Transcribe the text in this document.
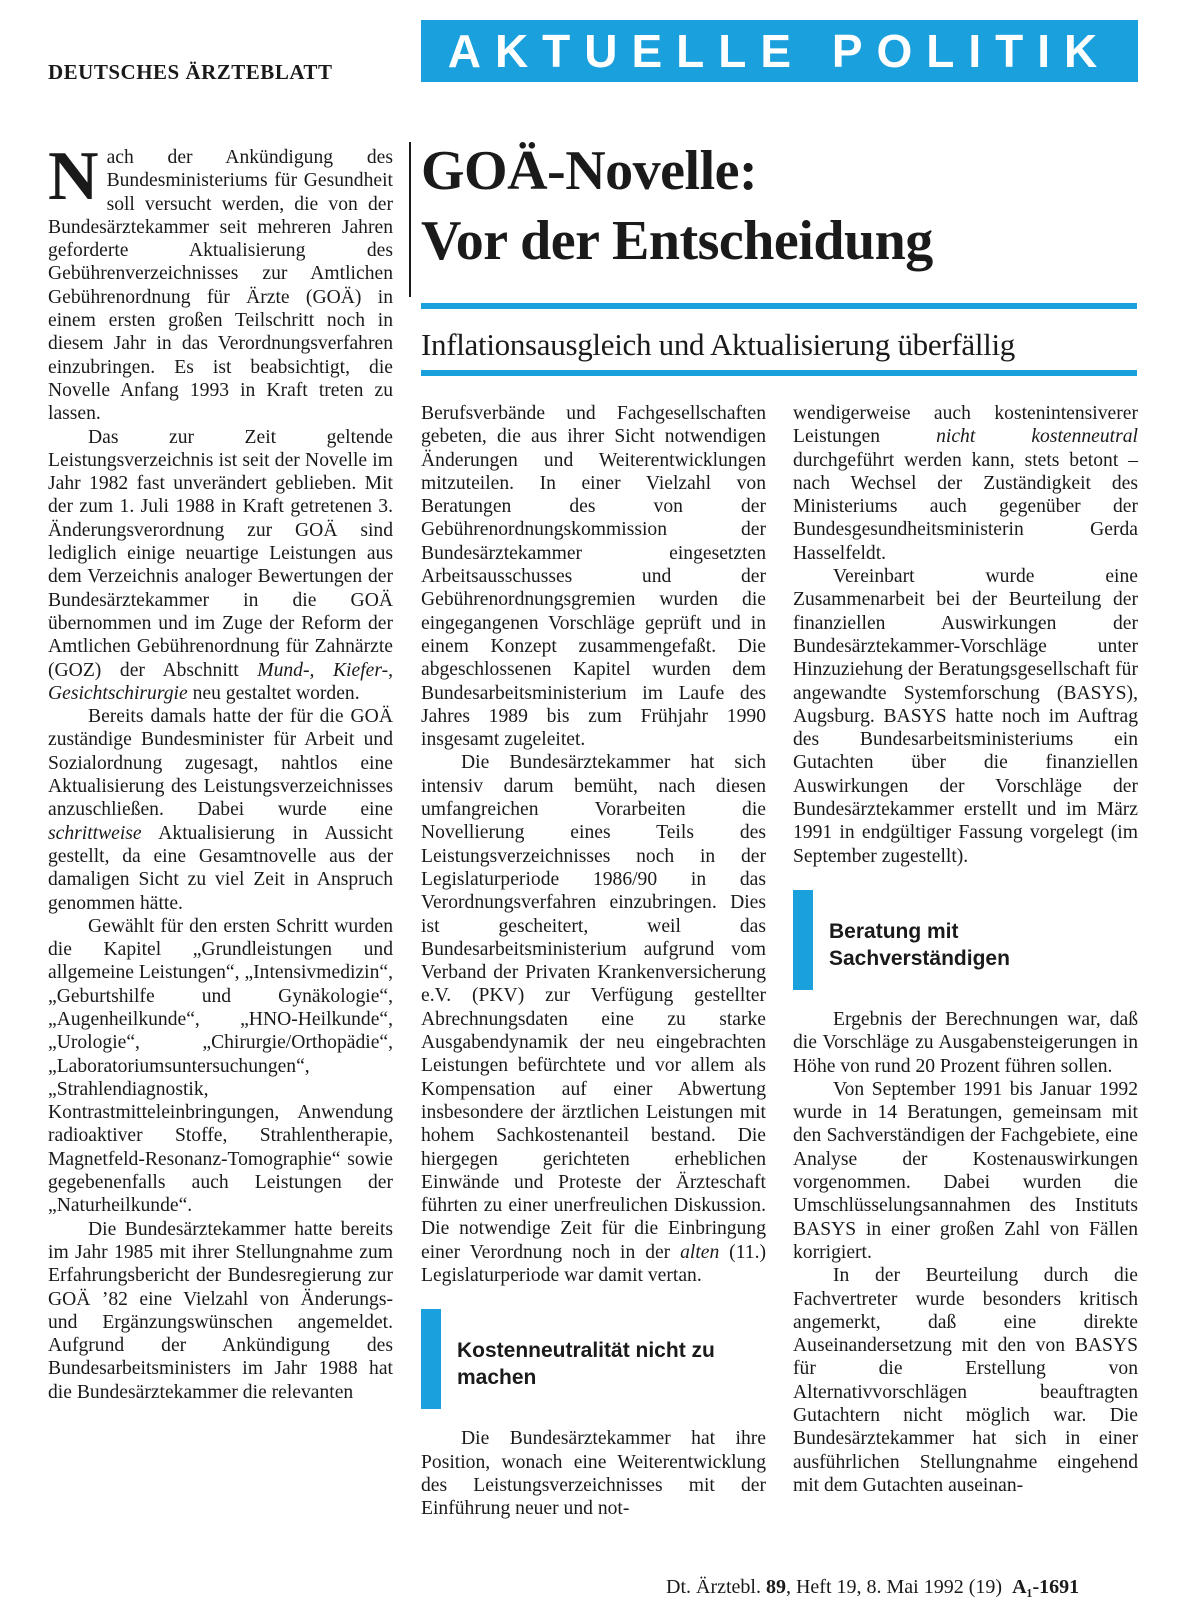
DEUTSCHES ÄRZTEBLATT	AKTUELLE POLITIK
GOÄ-Novelle:
Vor der Entscheidung
Inflationsausgleich und Aktualisierung überfällig

Nach der Ankündigung des Bundesministeriums für Gesundheit soll versucht werden, die von der Bundesärztekammer seit mehreren Jahren geforderte Aktualisierung des Gebührenverzeichnisses zur Amtlichen Gebührenordnung für Ärzte (GOÄ) in einem ersten großen Teilschritt noch in diesem Jahr in das Verordnungsverfahren einzubringen. Es ist beabsichtigt, die Novelle Anfang 1993 in Kraft treten zu lassen.

Das zur Zeit geltende Leistungsverzeichnis ist seit der Novelle im Jahr 1982 fast unverändert geblieben. Mit der zum 1. Juli 1988 in Kraft getretenen 3. Änderungsverordnung zur GOÄ sind lediglich einige neuartige Leistungen aus dem Verzeichnis analoger Bewertungen der Bundesärztekammer in die GOÄ übernommen und im Zuge der Reform der Amtlichen Gebührenordnung für Zahnärzte (GOZ) der Abschnitt Mund-, Kiefer-, Gesichtschirurgie neu gestaltet worden.

Bereits damals hatte der für die GOÄ zuständige Bundesminister für Arbeit und Sozialordnung zugesagt, nahtlos eine Aktualisierung des Leistungsverzeichnisses anzuschließen. Dabei wurde eine schrittweise Aktualisierung in Aussicht gestellt, da eine Gesamtnovelle aus der damaligen Sicht zu viel Zeit in Anspruch genommen hätte.

Gewählt für den ersten Schritt wurden die Kapitel „Grundleistungen und allgemeine Leistungen“, „Intensivmedizin“, „Geburtshilfe und Gynäkologie“, „Augenheilkunde“, „HNO-Heilkunde“, „Urologie“, „Chirurgie/Orthopädie“, „Laboratoriumsuntersuchungen“, „Strahlendiagnostik, Kontrastmitteleinbringungen, Anwendung radioaktiver Stoffe, Strahlentherapie, Magnetfeld-Resonanz-Tomographie“ sowie gegebenenfalls auch Leistungen der „Naturheilkunde“.

Die Bundesärztekammer hatte bereits im Jahr 1985 mit ihrer Stellungnahme zum Erfahrungsbericht der Bundesregierung zur GOÄ ’82 eine Vielzahl von Änderungs- und Ergänzungswünschen angemeldet. Aufgrund der Ankündigung des Bundesarbeitsministers im Jahr 1988 hat die Bundesärztekammer die relevanten

Berufsverbände und Fachgesellschaften gebeten, die aus ihrer Sicht notwendigen Änderungen und Weiterentwicklungen mitzuteilen. In einer Vielzahl von Beratungen des von der Gebührenordnungskommission der Bundesärztekammer eingesetzten Arbeitsausschusses und der Gebührenordnungsgremien wurden die eingegangenen Vorschläge geprüft und in einem Konzept zusammengefaßt. Die abgeschlossenen Kapitel wurden dem Bundesarbeitsministerium im Laufe des Jahres 1989 bis zum Frühjahr 1990 insgesamt zugeleitet.

Die Bundesärztekammer hat sich intensiv darum bemüht, nach diesen umfangreichen Vorarbeiten die Novellierung eines Teils des Leistungsverzeichnisses noch in der Legislaturperiode 1986/90 in das Verordnungsverfahren einzubringen. Dies ist gescheitert, weil das Bundesarbeitsministerium aufgrund vom Verband der Privaten Krankenversicherung e.V. (PKV) zur Verfügung gestellter Abrechnungsdaten eine zu starke Ausgabendynamik der neu eingebrachten Leistungen befürchtete und vor allem als Kompensation auf einer Abwertung insbesondere der ärztlichen Leistungen mit hohem Sachkostenanteil bestand. Die hiergegen gerichteten erheblichen Einwände und Proteste der Ärzteschaft führten zu einer unerfreulichen Diskussion. Die notwendige Zeit für die Einbringung einer Verordnung noch in der alten (11.) Legislaturperiode war damit vertan.

Kostenneutralität nicht zu machen

Die Bundesärztekammer hat ihre Position, wonach eine Weiterentwicklung des Leistungsverzeichnisses mit der Einführung neuer und not-

wendigerweise auch kostenintensiverer Leistungen nicht kostenneutral durchgeführt werden kann, stets betont – nach Wechsel der Zuständigkeit des Ministeriums auch gegenüber der Bundesgesundheitsministerin Gerda Hasselfeldt.

Vereinbart wurde eine Zusammenarbeit bei der Beurteilung der finanziellen Auswirkungen der Bundesärztekammer-Vorschläge unter Hinzuziehung der Beratungsgesellschaft für angewandte Systemforschung (BASYS), Augsburg. BASYS hatte noch im Auftrag des Bundesarbeitsministeriums ein Gutachten über die finanziellen Auswirkungen der Vorschläge der Bundesärztekammer erstellt und im März 1991 in endgültiger Fassung vorgelegt (im September zugestellt).

Beratung mit Sachverständigen

Ergebnis der Berechnungen war, daß die Vorschläge zu Ausgabensteigerungen in Höhe von rund 20 Prozent führen sollen.

Von September 1991 bis Januar 1992 wurde in 14 Beratungen, gemeinsam mit den Sachverständigen der Fachgebiete, eine Analyse der Kostenauswirkungen vorgenommen. Dabei wurden die Umschlüsselungsannahmen des Instituts BASYS in einer großen Zahl von Fällen korrigiert.

In der Beurteilung durch die Fachvertreter wurde besonders kritisch angemerkt, daß eine direkte Auseinandersetzung mit den von BASYS für die Erstellung von Alternativvorschlägen beauftragten Gutachtern nicht möglich war. Die Bundesärztekammer hat sich in einer ausführlichen Stellungnahme eingehend mit dem Gutachten auseinan-

Dt. Ärztebl. 89, Heft 19, 8. Mai 1992 (19) A₁-1691
